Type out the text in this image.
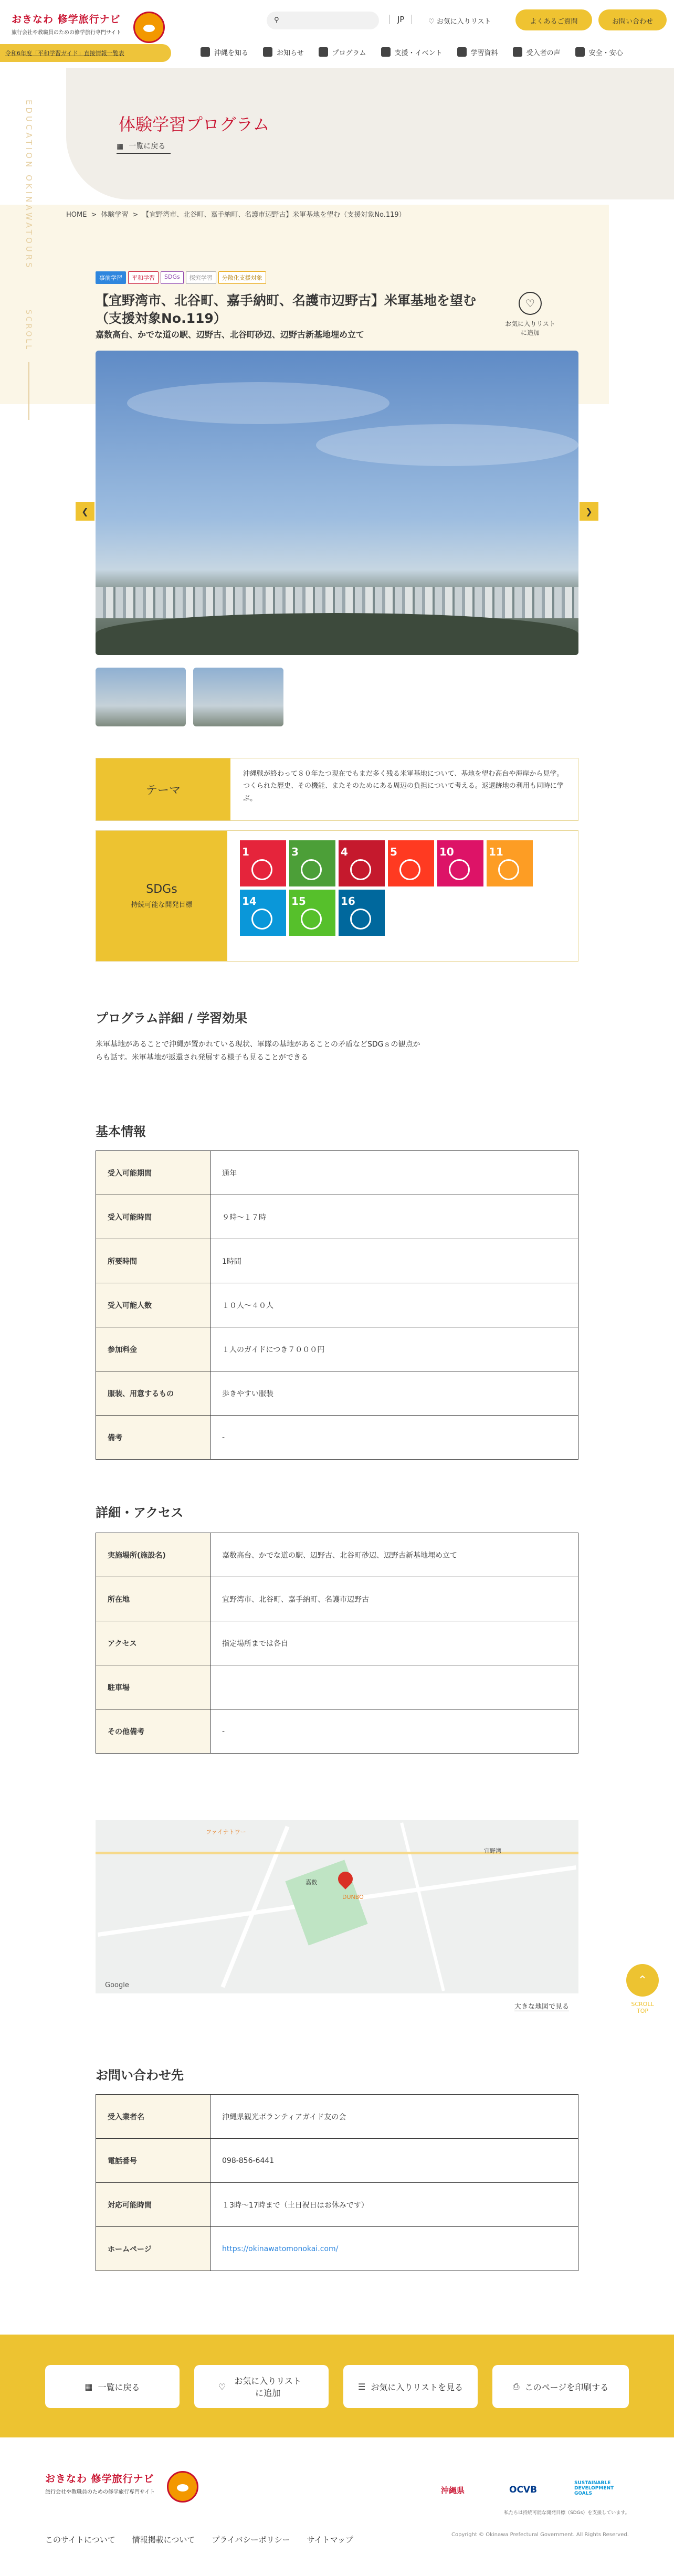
おきなわ 修学旅行ナビ
旅行会社や教職員のための修学旅行専門サイト
令和6年度「平和学習ガイド」直接情報一覧表
⚲	JP	♡ お気に入りリスト	よくあるご質問	お問い合わせ
沖縄を知る	お知らせ	プログラム	支援・イベント	学習資料	受入者の声	安全・安心
EDUCATION OKINAWATOURS
SCROLL
体験学習プログラム
▦ 一覧に戻る
HOME > 体験学習 > 【宜野湾市、北谷町、嘉手納町、名護市辺野古】米軍基地を望む（支援対象No.119）
事前学習	平和学習	SDGs	探究学習	分散化支援対象
【宜野湾市、北谷町、嘉手納町、名護市辺野古】米軍基地を望む（支援対象No.119）
嘉数高台、かでな道の駅、辺野古、北谷町砂辺、辺野古新基地埋め立て
♡
お気に入りリストに追加
❮	❯
テーマ
沖縄戦が終わって８０年たつ現在でもまだ多く残る米軍基地について、基地を望む高台や海岸から見学。つくられた歴史、その機能、またそのためにある周辺の負担について考える。返還跡地の利用も同時に学ぶ。
SDGs
持続可能な開発目標
1	3	4	5	10	11
14	15	16
プログラム詳細 / 学習効果
米軍基地があることで沖縄が置かれている現状、軍隊の基地があることの矛盾などSDGｓの観点からも話す。米軍基地が返還され発展する様子も見ることができる
基本情報
受入可能期間	通年
受入可能時間	９時〜１７時
所要時間	1時間
受入可能人数	１０人〜４０人
参加料金	１人のガイドにつき７０００円
服装、用意するもの	歩きやすい服装
備考	-
詳細・アクセス
実施場所(施設名)	嘉数高台、かでな道の駅、辺野古、北谷町砂辺、辺野古新基地埋め立て
所在地	宜野湾市、北谷町、嘉手納町、名護市辺野古
アクセス	指定場所までは各自
駐車場	
その他備考	-
嘉数
ファイナトワー
DUNBO
宜野湾
Google
大きな地図で見る
⌃
SCROLL TOP
お問い合わせ先
受入業者名	沖縄県観光ボランティアガイド友の会
電話番号	098-856-6441
対応可能時間	１3時〜17時まで（土日祝日はお休みです）
ホームページ	https://okinawatomonokai.com/
▦ 一覧に戻る	♡
お気に入りリストに追加
☰ お気に入りリストを見る	⎙ このページを印刷する
おきなわ 修学旅行ナビ
旅行会社や教職員のための修学旅行専門サイト	沖縄県	OCVB
SUSTAINABLE DEVELOPMENT GOALS
私たちは持続可能な開発目標（SDGs）を支援しています。
このサイトについて 情報掲載について プライバシーポリシー サイトマップ
Copyright © Okinawa Prefectural Government. All Rights Reserved.
